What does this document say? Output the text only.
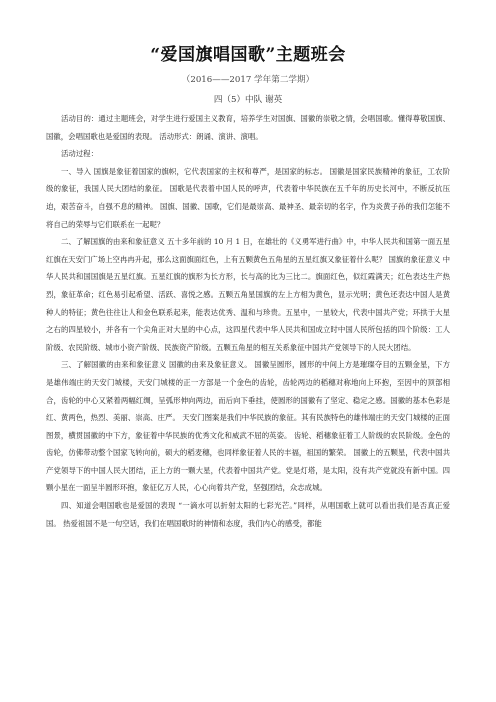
“爱国旗唱国歌”主题班会
（2016——2017 学年第二学期）
四（5）中队 谢英

活动目的：通过主题班会，对学生进行爱国主义教育，培养学生对国旗、国徽的崇敬之情，会唱国歌。懂得尊敬国旗、国徽，会唱国歌也是爱国的表现。 活动形式：朗诵、演讲、演唱。

活动过程：

一、导入 国旗是象征着国家的旗帜，它代表国家的主权和尊严，是国家的标志。 国徽是国家民族精神的象征，工农阶级的象征，我国人民大团结的象征。 国歌是代表着中国人民的呼声，代表着中华民族在五千年的历史长河中，不断反抗压迫，艰苦奋斗，自强不息的精神。 国旗、国徽、国歌，它们是最崇高、最神圣、最亲切的名字，作为炎黄子孙的我们怎能不将自己的荣辱与它们联系在一起呢？

二、了解国旗的由来和象征意义 五十多年前的 10 月 1 日，在雄壮的《义勇军进行曲》中，中华人民共和国第一面五星红旗在天安门广场上空冉冉升起，那么这面旗面红色，上有五颗黄色五角星的五星红旗又象征着什么呢？ 国旗的象征意义 中华人民共和国国旗是五星红旗。五星红旗的旗形为长方形，长与高的比为三比二。旗面红色，似红霞满天；红色表达生产热烈，象征革命；红色易引起希望、活跃、喜悦之感。五颗五角星国旗的左上方相为黄色，显示光明；黄色还表达中国人是黄种人的特征；黄色往往让人和金色联系起来，能表达优秀、温和与珍贵。五星中，一星较大，代表中国共产党；环拱于大星之右的四星较小，并各有一个尖角正对大星的中心点，这四星代表中华人民共和国成立时中国人民所包括的四个阶级：工人阶级、农民阶级、城市小资产阶级、民族资产阶级。五颗五角星的相互关系象征中国共产党领导下的人民大团结。

三、了解国徽的由来和象征意义 国徽的由来及象征意义。 国徽呈圆形，圆形的中间上方是璀璨夺目的五颗金星，下方是雄伟端庄的天安门城楼，天安门城楼的正一方部是一个金色的齿轮，齿轮两边的稻穗对称地向上环抱，至因中的顶部相合，齿轮的中心又紧着两幅红绸，呈弧形伸向两边，而后向下垂挂，使圆形的国徽有了坚定、稳定之感。国徽的基本色彩是红、黄两色，热烈、美丽、崇高、庄严。 天安门图案是我们中华民族的象征。其有民族特色的雄伟端庄的天安门城楼的正面图景，横贯国徽的中下方，象征着中华民族的优秀文化和威武不屈的英姿。 齿轮、稻穗象征着工人阶级的农民阶级。金色的齿轮，仿佛带动整个国家飞转向前，硕大的稻麦穗，也同样象征着人民的丰福，祖国的繁荣。 国徽上的五颗星，代表中国共产党领导下的中国人民大团结，正上方的一颗大星，代表着中国共产党。党是灯塔，是太阳，没有共产党就没有新中国。四颗小星在一面呈半圆形环抱，象征亿万人民，心心向着共产党，坚强团结，众志成城。

四、知道会唱国歌也是爱国的表现 “一滴水可以折射太阳的七彩光芒。”同样，从唱国歌上就可以看出我们是否真正爱国。 热爱祖国不是一句空话，我们在唱国歌时的神情和态度，我们内心的感受，都能
